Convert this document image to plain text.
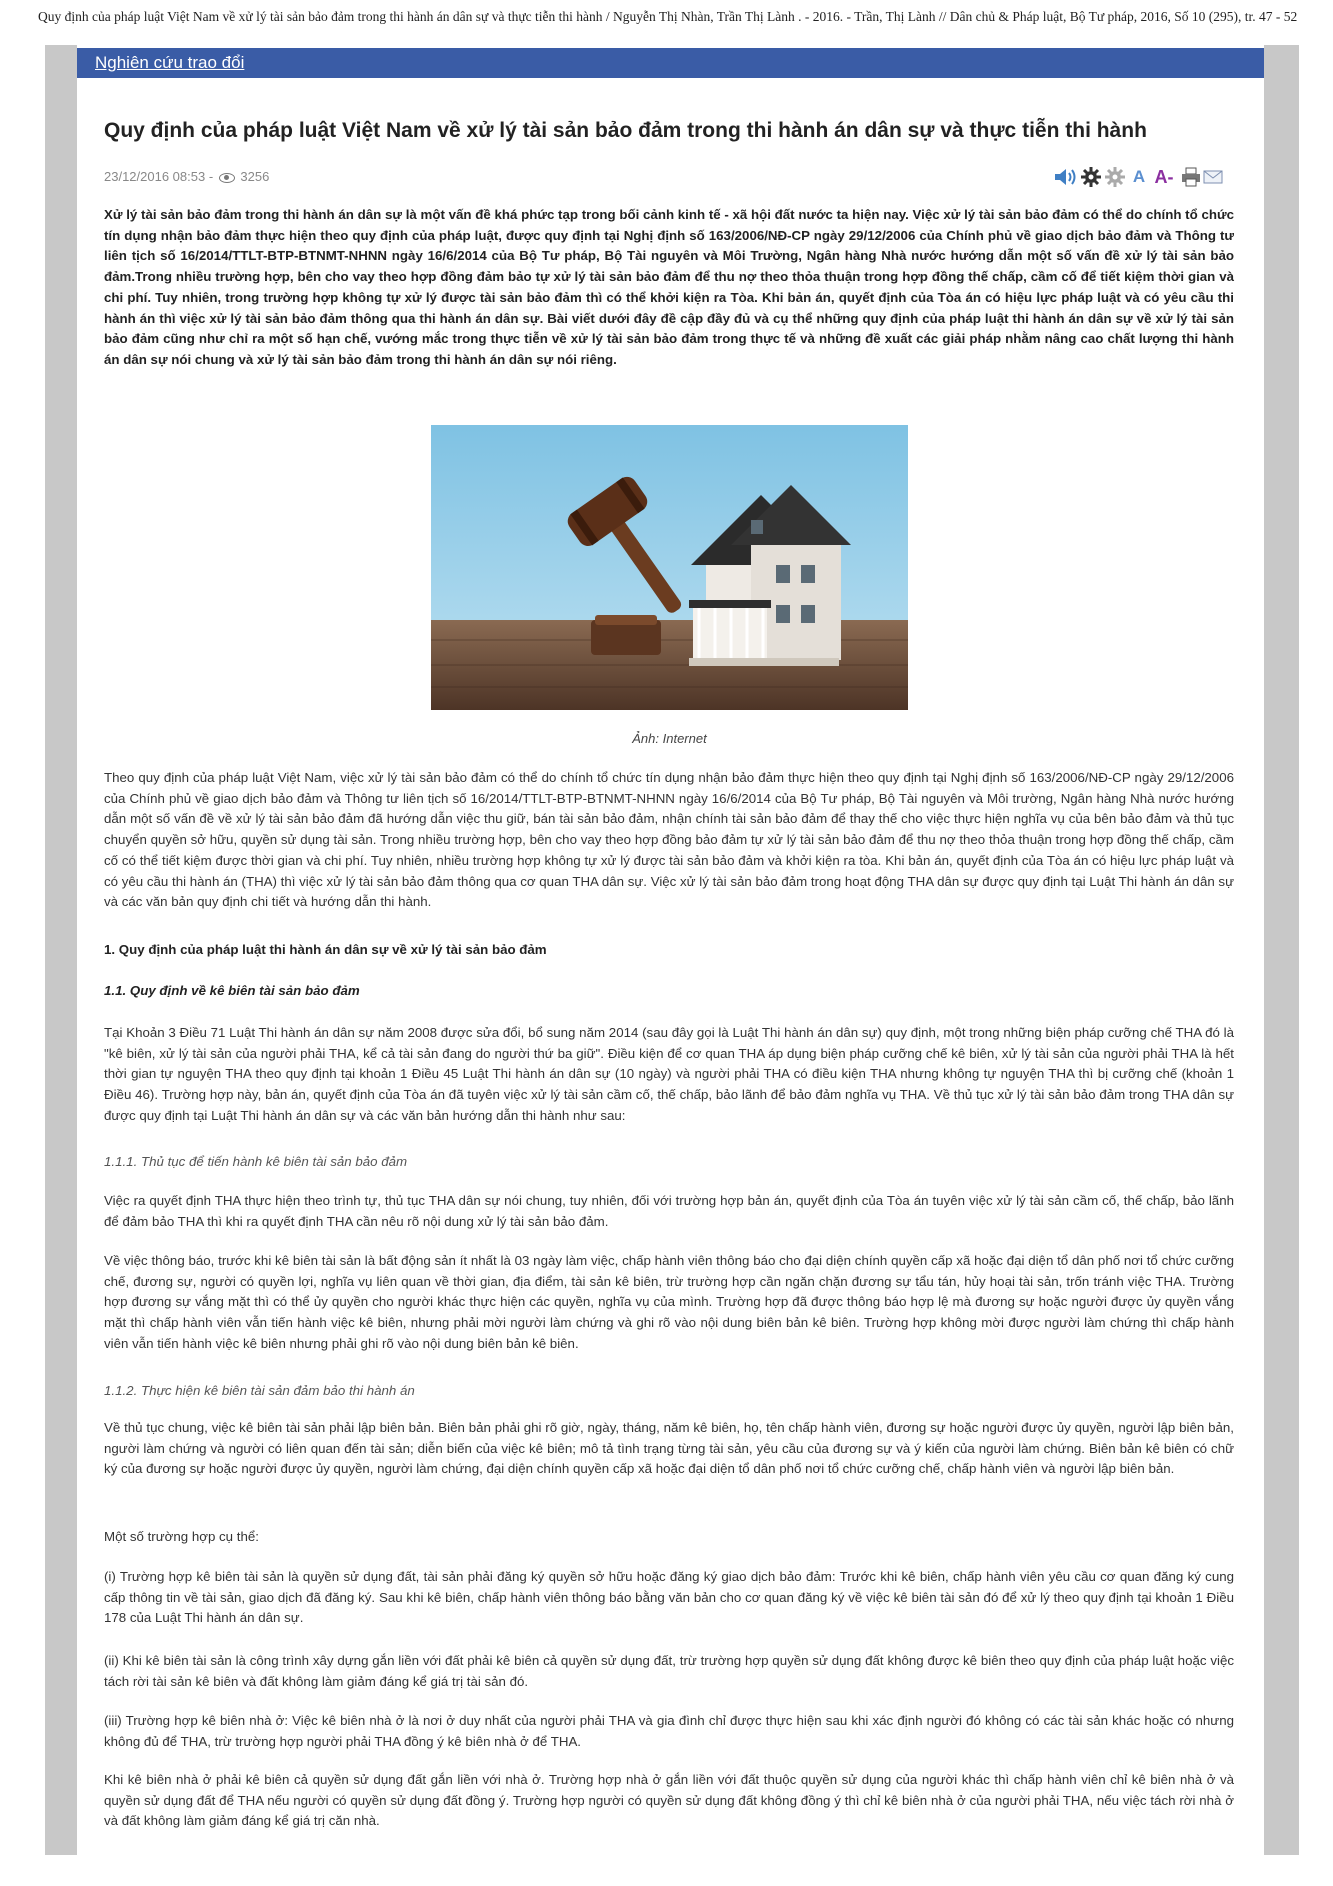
Quy định của pháp luật Việt Nam về xử lý tài sản bảo đảm trong thi hành án dân sự và thực tiễn thi hành / Nguyễn Thị Nhàn, Trần Thị Lành . - 2016. - Trần, Thị Lành // Dân chủ & Pháp luật, Bộ Tư pháp, 2016, Số 10 (295), tr. 47 - 52
Nghiên cứu trao đổi
Quy định của pháp luật Việt Nam về xử lý tài sản bảo đảm trong thi hành án dân sự và thực tiễn thi hành
23/12/2016 08:53 - 3256	A A-

Xử lý tài sản bảo đảm trong thi hành án dân sự là một vấn đề khá phức tạp trong bối cảnh kinh tế - xã hội đất nước ta hiện nay. Việc xử lý tài sản bảo đảm có thể do chính tổ chức tín dụng nhận bảo đảm thực hiện theo quy định của pháp luật, được quy định tại Nghị định số 163/2006/NĐ-CP ngày 29/12/2006 của Chính phủ về giao dịch bảo đảm và Thông tư liên tịch số 16/2014/TTLT-BTP-BTNMT-NHNN ngày 16/6/2014 của Bộ Tư pháp, Bộ Tài nguyên và Môi Trường, Ngân hàng Nhà nước hướng dẫn một số vấn đề xử lý tài sản bảo đảm.Trong nhiều trường hợp, bên cho vay theo hợp đồng đảm bảo tự xử lý tài sản bảo đảm để thu nợ theo thỏa thuận trong hợp đồng thế chấp, cầm cố để tiết kiệm thời gian và chi phí. Tuy nhiên, trong trường hợp không tự xử lý được tài sản bảo đảm thì có thể khởi kiện ra Tòa. Khi bản án, quyết định của Tòa án có hiệu lực pháp luật và có yêu cầu thi hành án thì việc xử lý tài sản bảo đảm thông qua thi hành án dân sự. Bài viết dưới đây đề cập đầy đủ và cụ thể những quy định của pháp luật thi hành án dân sự về xử lý tài sản bảo đảm cũng như chỉ ra một số hạn chế, vướng mắc trong thực tiễn về xử lý tài sản bảo đảm trong thực tế và những đề xuất các giải pháp nhằm nâng cao chất lượng thi hành án dân sự nói chung và xử lý tài sản bảo đảm trong thi hành án dân sự nói riêng.

Ảnh: Internet

Theo quy định của pháp luật Việt Nam, việc xử lý tài sản bảo đảm có thể do chính tổ chức tín dụng nhận bảo đảm thực hiện theo quy định tại Nghị định số 163/2006/NĐ-CP ngày 29/12/2006 của Chính phủ về giao dịch bảo đảm và Thông tư liên tịch số 16/2014/TTLT-BTP-BTNMT-NHNN ngày 16/6/2014 của Bộ Tư pháp, Bộ Tài nguyên và Môi trường, Ngân hàng Nhà nước hướng dẫn một số vấn đề về xử lý tài sản bảo đảm đã hướng dẫn việc thu giữ, bán tài sản bảo đảm, nhận chính tài sản bảo đảm để thay thế cho việc thực hiện nghĩa vụ của bên bảo đảm và thủ tục chuyển quyền sở hữu, quyền sử dụng tài sản. Trong nhiều trường hợp, bên cho vay theo hợp đồng bảo đảm tự xử lý tài sản bảo đảm để thu nợ theo thỏa thuận trong hợp đồng thế chấp, cầm cố có thể tiết kiệm được thời gian và chi phí. Tuy nhiên, nhiều trường hợp không tự xử lý được tài sản bảo đảm và khởi kiện ra tòa. Khi bản án, quyết định của Tòa án có hiệu lực pháp luật và có yêu cầu thi hành án (THA) thì việc xử lý tài sản bảo đảm thông qua cơ quan THA dân sự. Việc xử lý tài sản bảo đảm trong hoạt động THA dân sự được quy định tại Luật Thi hành án dân sự và các văn bản quy định chi tiết và hướng dẫn thi hành.

1. Quy định của pháp luật thi hành án dân sự về xử lý tài sản bảo đảm

1.1. Quy định về kê biên tài sản bảo đảm

Tại Khoản 3 Điều 71 Luật Thi hành án dân sự năm 2008 được sửa đổi, bổ sung năm 2014 (sau đây gọi là Luật Thi hành án dân sự) quy định, một trong những biện pháp cưỡng chế THA đó là "kê biên, xử lý tài sản của người phải THA, kể cả tài sản đang do người thứ ba giữ". Điều kiện để cơ quan THA áp dụng biện pháp cưỡng chế kê biên, xử lý tài sản của người phải THA là hết thời gian tự nguyện THA theo quy định tại khoản 1 Điều 45 Luật Thi hành án dân sự (10 ngày) và người phải THA có điều kiện THA nhưng không tự nguyện THA thì bị cưỡng chế (khoản 1 Điều 46). Trường hợp này, bản án, quyết định của Tòa án đã tuyên việc xử lý tài sản cầm cố, thế chấp, bảo lãnh để bảo đảm nghĩa vụ THA. Về thủ tục xử lý tài sản bảo đảm trong THA dân sự được quy định tại Luật Thi hành án dân sự và các văn bản hướng dẫn thi hành như sau:

1.1.1. Thủ tục để tiến hành kê biên tài sản bảo đảm

Việc ra quyết định THA thực hiện theo trình tự, thủ tục THA dân sự nói chung, tuy nhiên, đối với trường hợp bản án, quyết định của Tòa án tuyên việc xử lý tài sản cầm cố, thế chấp, bảo lãnh để đảm bảo THA thì khi ra quyết định THA cần nêu rõ nội dung xử lý tài sản bảo đảm.

Về việc thông báo, trước khi kê biên tài sản là bất động sản ít nhất là 03 ngày làm việc, chấp hành viên thông báo cho đại diện chính quyền cấp xã hoặc đại diện tổ dân phố nơi tổ chức cưỡng chế, đương sự, người có quyền lợi, nghĩa vụ liên quan về thời gian, địa điểm, tài sản kê biên, trừ trường hợp cần ngăn chặn đương sự tẩu tán, hủy hoại tài sản, trốn tránh việc THA. Trường hợp đương sự vắng mặt thì có thể ủy quyền cho người khác thực hiện các quyền, nghĩa vụ của mình. Trường hợp đã được thông báo hợp lệ mà đương sự hoặc người được ủy quyền vắng mặt thì chấp hành viên vẫn tiến hành việc kê biên, nhưng phải mời người làm chứng và ghi rõ vào nội dung biên bản kê biên. Trường hợp không mời được người làm chứng thì chấp hành viên vẫn tiến hành việc kê biên nhưng phải ghi rõ vào nội dung biên bản kê biên.

1.1.2. Thực hiện kê biên tài sản đảm bảo thi hành án

Về thủ tục chung, việc kê biên tài sản phải lập biên bản. Biên bản phải ghi rõ giờ, ngày, tháng, năm kê biên, họ, tên chấp hành viên, đương sự hoặc người được ủy quyền, người lập biên bản, người làm chứng và người có liên quan đến tài sản; diễn biến của việc kê biên; mô tả tình trạng từng tài sản, yêu cầu của đương sự và ý kiến của người làm chứng. Biên bản kê biên có chữ ký của đương sự hoặc người được ủy quyền, người làm chứng, đại diện chính quyền cấp xã hoặc đại diện tổ dân phố nơi tổ chức cưỡng chế, chấp hành viên và người lập biên bản.

Một số trường hợp cụ thể:

(i) Trường hợp kê biên tài sản là quyền sử dụng đất, tài sản phải đăng ký quyền sở hữu hoặc đăng ký giao dịch bảo đảm: Trước khi kê biên, chấp hành viên yêu cầu cơ quan đăng ký cung cấp thông tin về tài sản, giao dịch đã đăng ký. Sau khi kê biên, chấp hành viên thông báo bằng văn bản cho cơ quan đăng ký về việc kê biên tài sản đó để xử lý theo quy định tại khoản 1 Điều 178 của Luật Thi hành án dân sự.

(ii) Khi kê biên tài sản là công trình xây dựng gắn liền với đất phải kê biên cả quyền sử dụng đất, trừ trường hợp quyền sử dụng đất không được kê biên theo quy định của pháp luật hoặc việc tách rời tài sản kê biên và đất không làm giảm đáng kể giá trị tài sản đó.

(iii) Trường hợp kê biên nhà ở: Việc kê biên nhà ở là nơi ở duy nhất của người phải THA và gia đình chỉ được thực hiện sau khi xác định người đó không có các tài sản khác hoặc có nhưng không đủ để THA, trừ trường hợp người phải THA đồng ý kê biên nhà ở để THA.

Khi kê biên nhà ở phải kê biên cả quyền sử dụng đất gắn liền với nhà ở. Trường hợp nhà ở gắn liền với đất thuộc quyền sử dụng của người khác thì chấp hành viên chỉ kê biên nhà ở và quyền sử dụng đất để THA nếu người có quyền sử dụng đất đồng ý. Trường hợp người có quyền sử dụng đất không đồng ý thì chỉ kê biên nhà ở của người phải THA, nếu việc tách rời nhà ở và đất không làm giảm đáng kể giá trị căn nhà.
